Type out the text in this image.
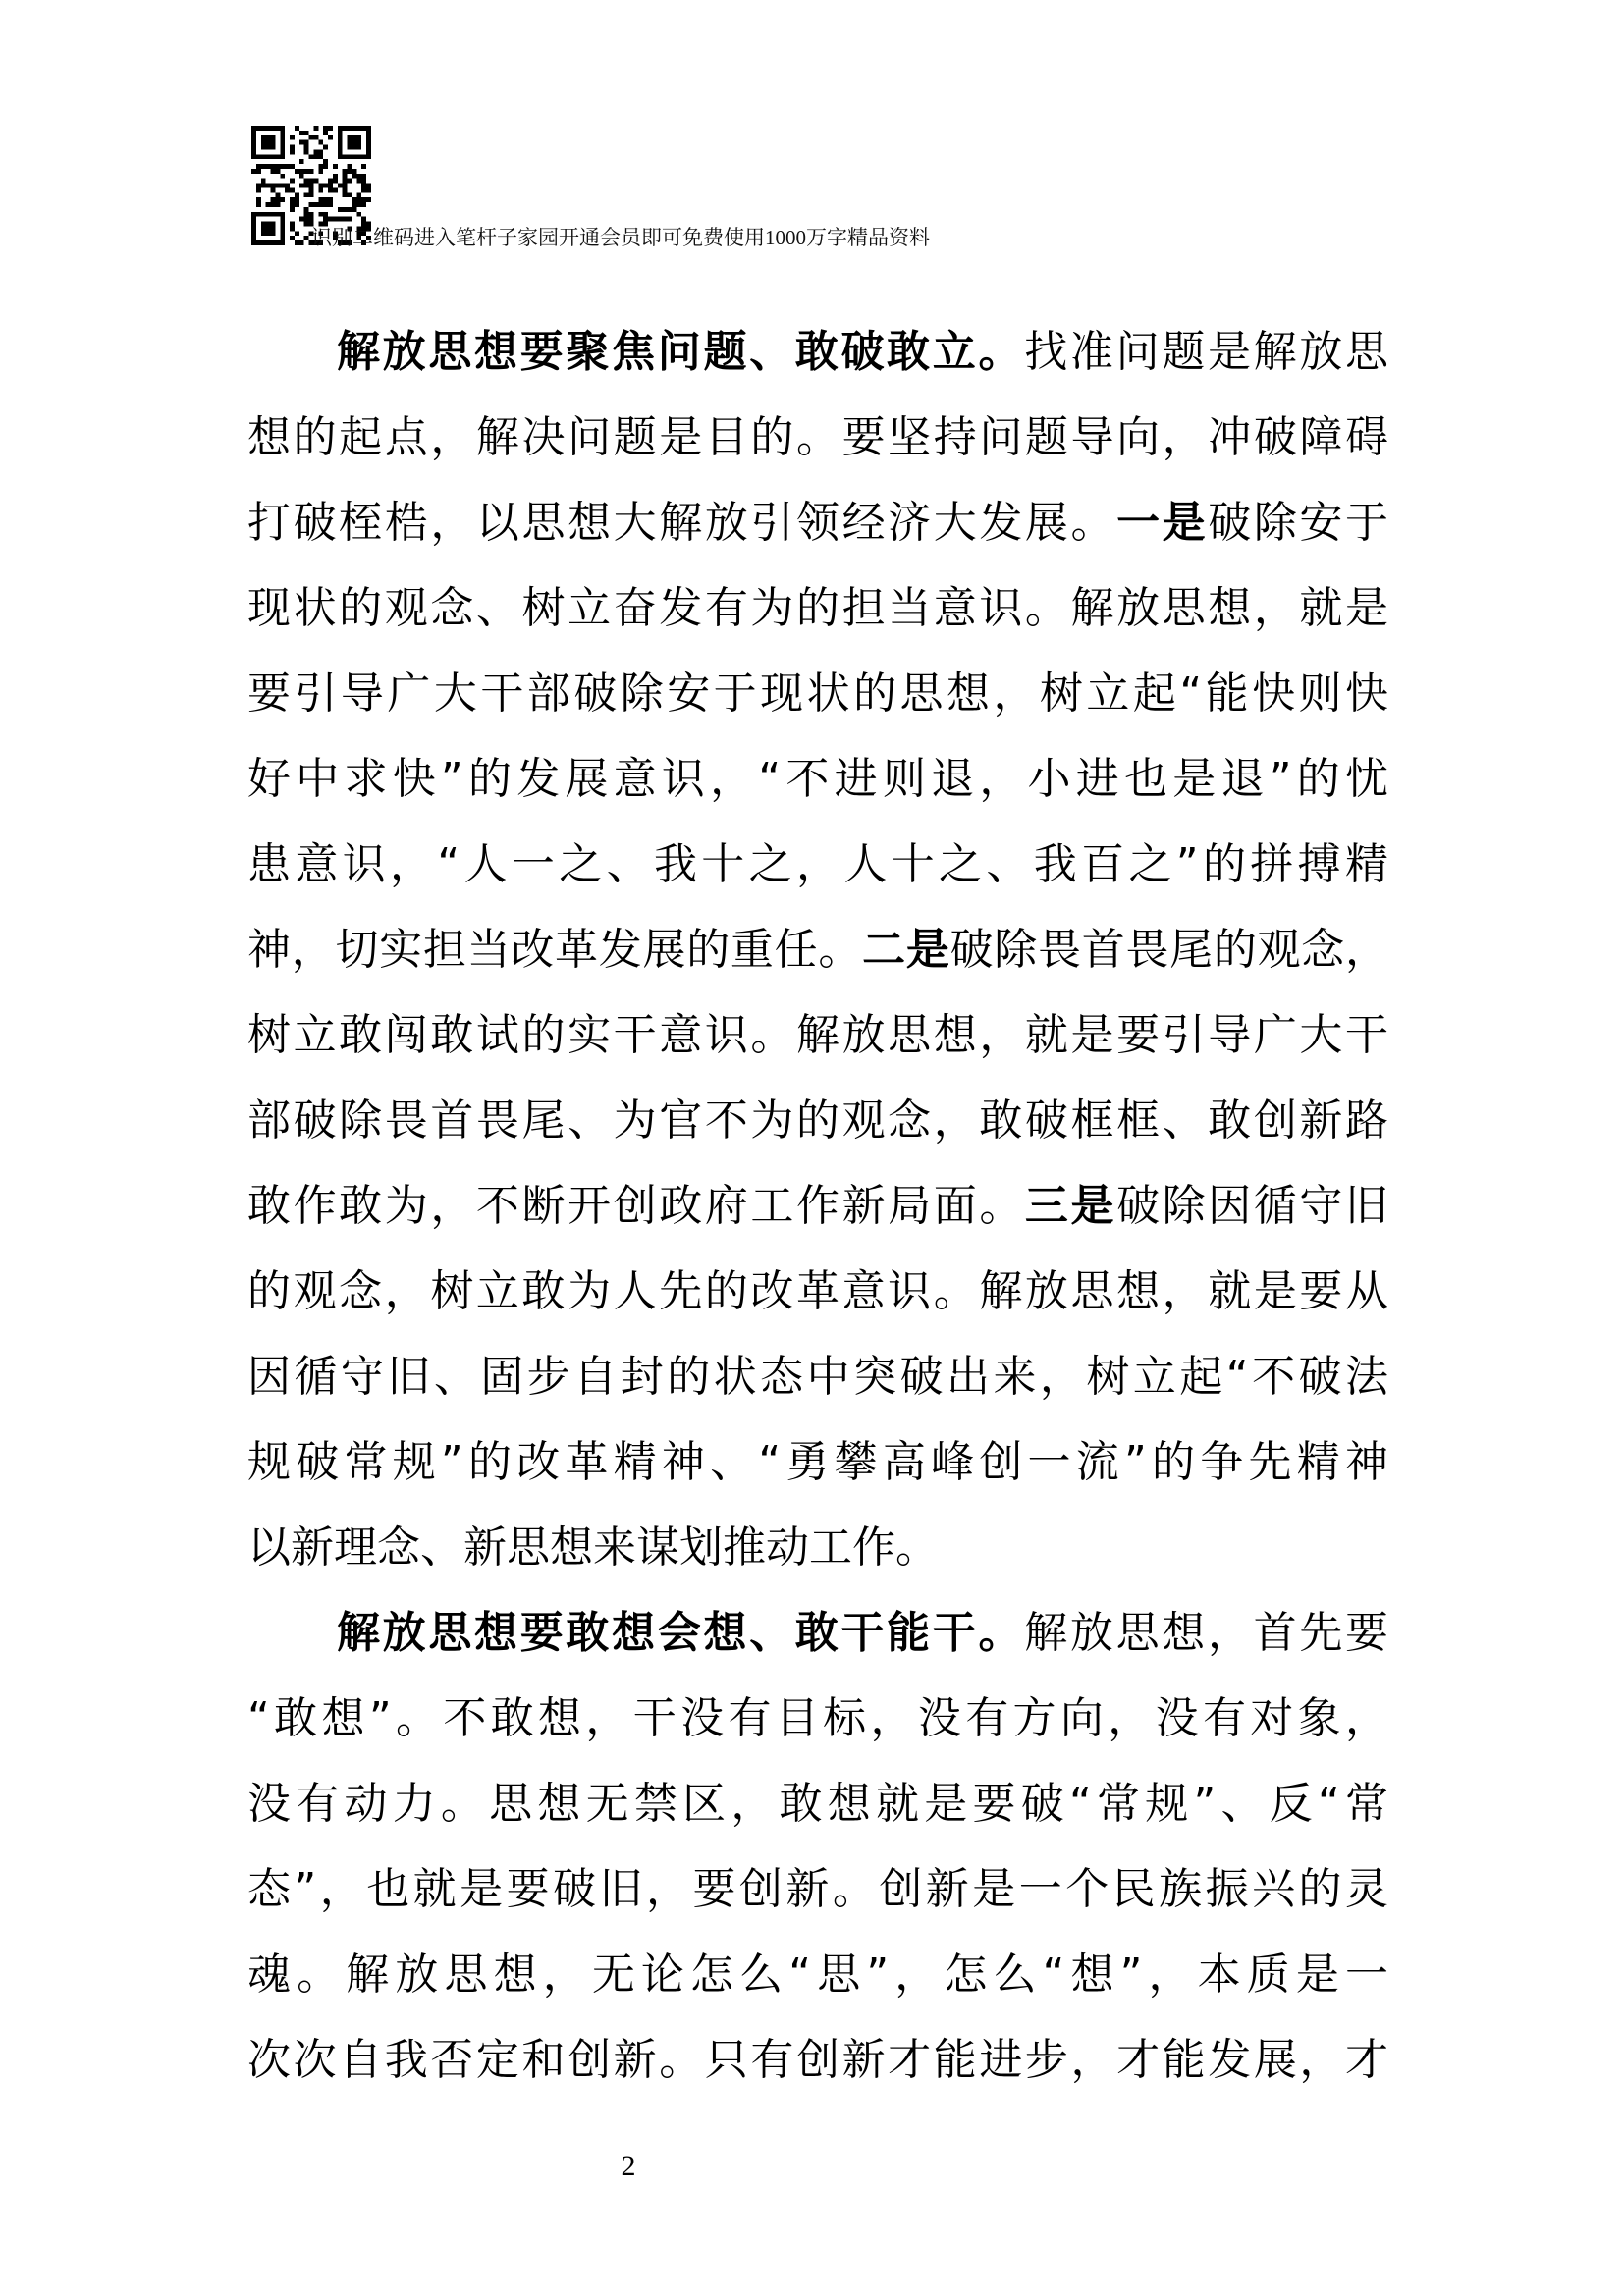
识别二维码进入笔杆子家园开通会员即可免费使用1000万字精品资料
解放思想要聚焦问题、敢破敢立。找准问题是解放思
想的起点，解决问题是目的。要坚持问题导向，冲破障碍
打破桎梏，以思想大解放引领经济大发展。一是破除安于
现状的观念、树立奋发有为的担当意识。解放思想，就是
要引导广大干部破除安于现状的思想，树立起“能快则快
好中求快”的发展意识，“不进则退，小进也是退”的忧
患意识，“人一之、我十之，人十之、我百之”的拼搏精
神，切实担当改革发展的重任。二是破除畏首畏尾的观念，
树立敢闯敢试的实干意识。解放思想，就是要引导广大干
部破除畏首畏尾、为官不为的观念，敢破框框、敢创新路
敢作敢为，不断开创政府工作新局面。三是破除因循守旧
的观念，树立敢为人先的改革意识。解放思想，就是要从
因循守旧、固步自封的状态中突破出来，树立起“不破法
规破常规”的改革精神、“勇攀高峰创一流”的争先精神
以新理念、新思想来谋划推动工作。
解放思想要敢想会想、敢干能干。解放思想，首先要
“敢想”。不敢想，干没有目标，没有方向，没有对象，
没有动力。思想无禁区，敢想就是要破“常规”、反“常
态”，也就是要破旧，要创新。创新是一个民族振兴的灵
魂。解放思想，无论怎么“思”，怎么“想”，本质是一
次次自我否定和创新。只有创新才能进步，才能发展，才
2
